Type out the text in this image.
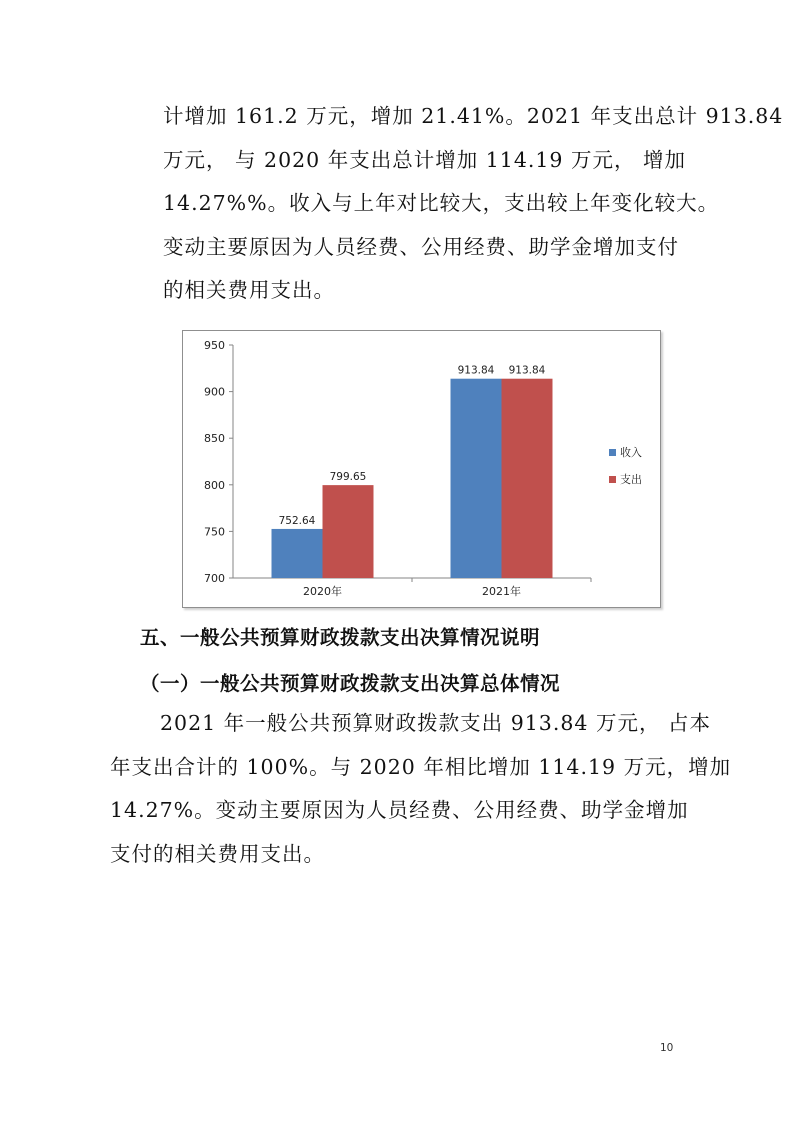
计增加 161.2 万元，增加 21.41%。2021 年支出总计 913.84
万元， 与 2020 年支出总计增加 114.19 万元， 增加
14.27%%。收入与上年对比较大，支出较上年变化较大。
变动主要原因为人员经费、公用经费、助学金增加支付
的相关费用支出。
700
750
800
850
900
950
752.64
799.65
2020年
913.84 913.84
2021年
收入
支出
五、一般公共预算财政拨款支出决算情况说明
（一）一般公共预算财政拨款支出决算总体情况
2021 年一般公共预算财政拨款支出 913.84 万元， 占本
年支出合计的 100%。与 2020 年相比增加 114.19 万元，增加
14.27%。变动主要原因为人员经费、公用经费、助学金增加
支付的相关费用支出。
10
